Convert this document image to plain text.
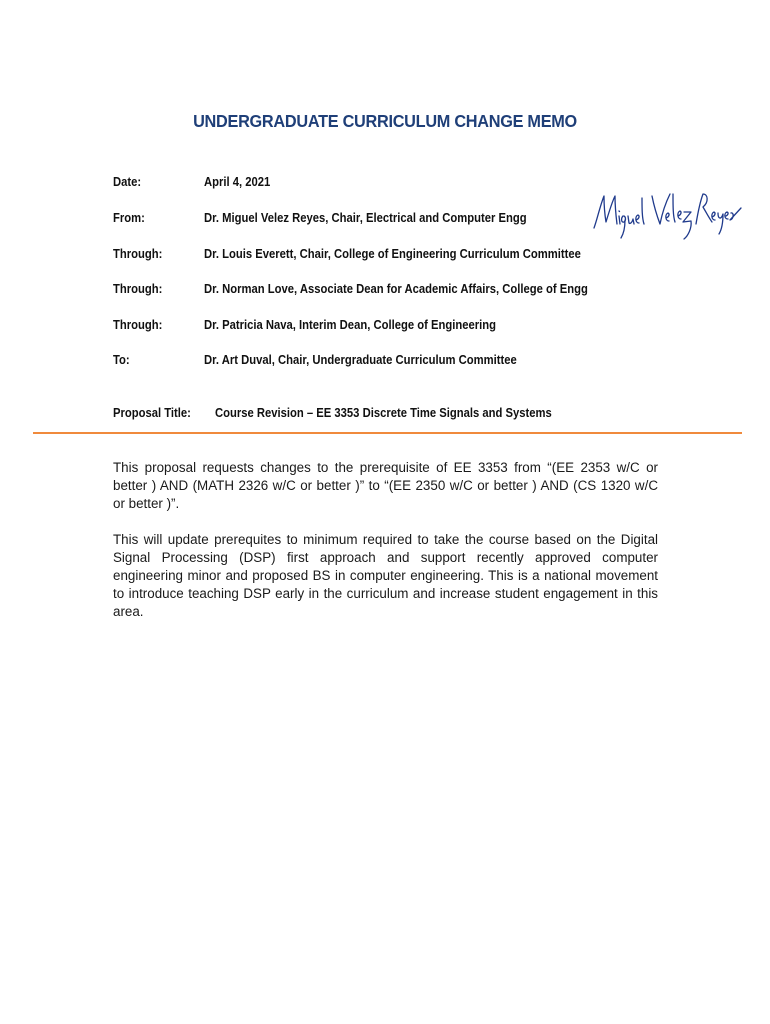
UNDERGRADUATE CURRICULUM CHANGE MEMO
Date:	April 4, 2021
From:	Dr. Miguel Velez Reyes, Chair, Electrical and Computer Engg
Through:	Dr. Louis Everett, Chair, College of Engineering Curriculum Committee
Through:	Dr. Norman Love, Associate Dean for Academic Affairs, College of Engg
Through:	Dr. Patricia Nava, Interim Dean, College of Engineering
To:	Dr. Art Duval, Chair, Undergraduate Curriculum Committee
Proposal Title: Course Revision – EE 3353 Discrete Time Signals and Systems

This proposal requests changes to the prerequisite of EE 3353 from “(EE 2353 w/C or better ) AND (MATH 2326 w/C or better )” to “(EE 2350 w/C or better ) AND (CS 1320 w/C or better )”.

This will update prerequites to minimum required to take the course based on the Digital Signal Processing (DSP) first approach and support recently approved computer engineering minor and proposed BS in computer engineering. This is a national movement to introduce teaching DSP early in the curriculum and increase student engagement in this area.
